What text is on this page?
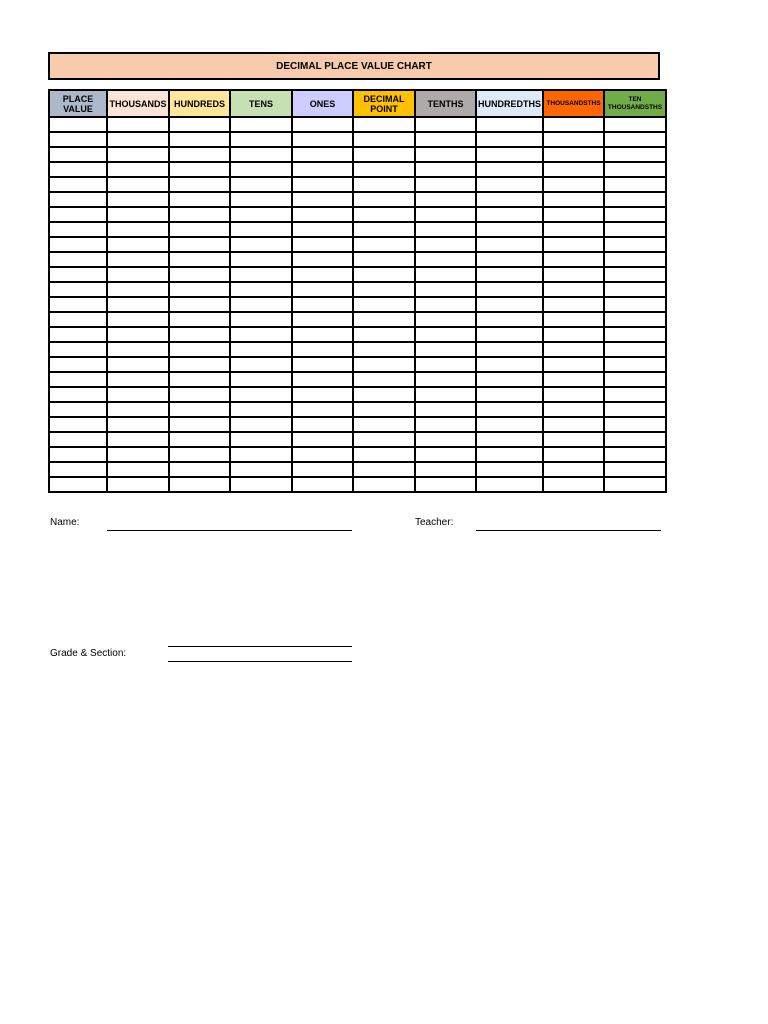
DECIMAL PLACE VALUE CHART
PLACE VALUE	THOUSANDS	HUNDREDS	TENS	ONES	DECIMAL POINT	TENTHS	HUNDREDTHS	THOUSANDSTHS	TEN THOUSANDSTHS

Name:	Teacher:
Grade & Section:
